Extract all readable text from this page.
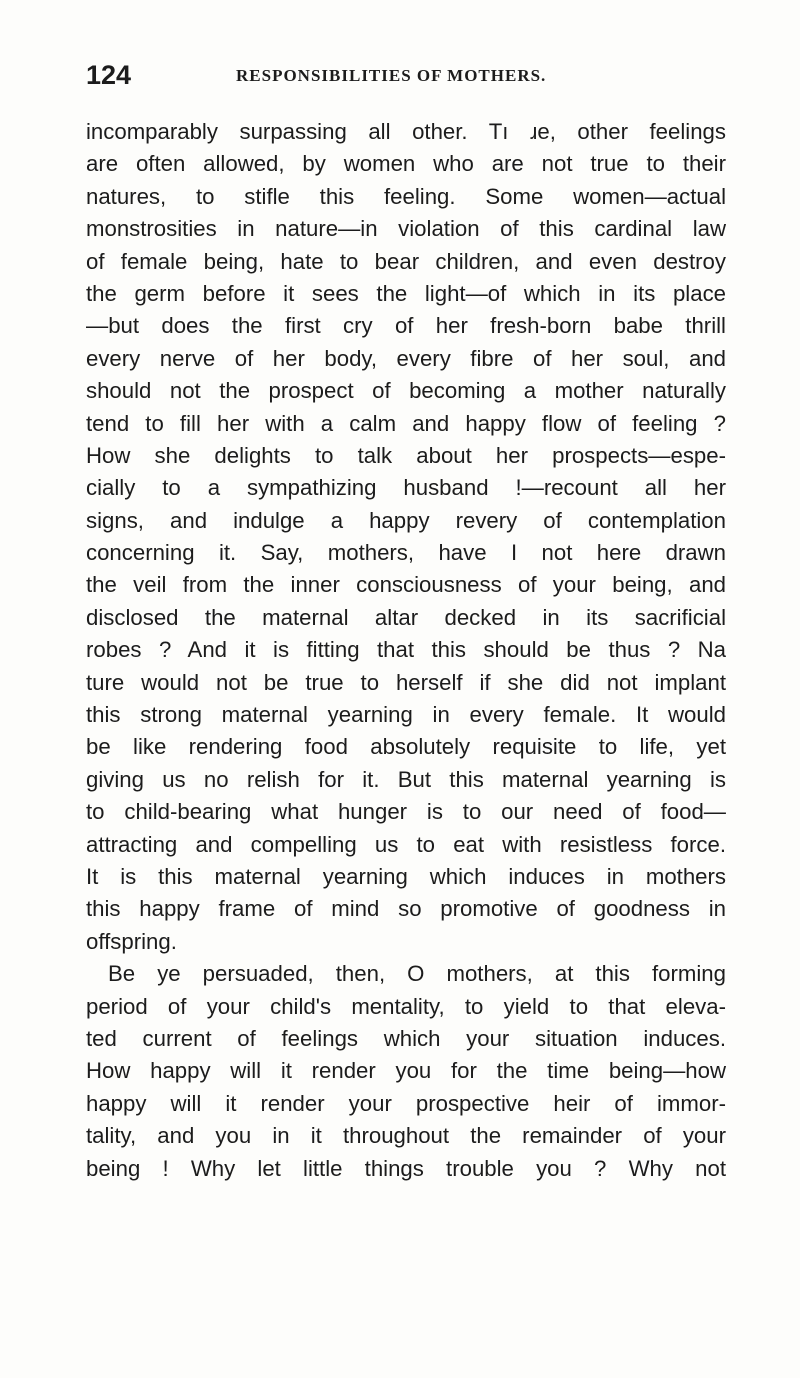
124	RESPONSIBILITIES OF MOTHERS.
incomparably surpassing all other. Tı ɹe, other feelings
are often allowed, by women who are not true to their
natures, to stifle this feeling. Some women—actual
monstrosities in nature—in violation of this cardinal law
of female being, hate to bear children, and even destroy
the germ before it sees the light—of which in its place
—but does the first cry of her fresh-born babe thrill
every nerve of her body, every fibre of her soul, and
should not the prospect of becoming a mother naturally
tend to fill her with a calm and happy flow of feeling ?
How she delights to talk about her prospects—espe-
cially to a sympathizing husband !—recount all her
signs, and indulge a happy revery of contemplation
concerning it. Say, mothers, have I not here drawn
the veil from the inner consciousness of your being, and
disclosed the maternal altar decked in its sacrificial
robes ? And it is fitting that this should be thus ? Na
ture would not be true to herself if she did not implant
this strong maternal yearning in every female. It would
be like rendering food absolutely requisite to life, yet
giving us no relish for it. But this maternal yearning is
to child-bearing what hunger is to our need of food—
attracting and compelling us to eat with resistless force.
It is this maternal yearning which induces in mothers
this happy frame of mind so promotive of goodness in
offspring.
Be ye persuaded, then, O mothers, at this forming
period of your child's mentality, to yield to that eleva-
ted current of feelings which your situation induces.
How happy will it render you for the time being—how
happy will it render your prospective heir of immor-
tality, and you in it throughout the remainder of your
being ! Why let little things trouble you ? Why not
